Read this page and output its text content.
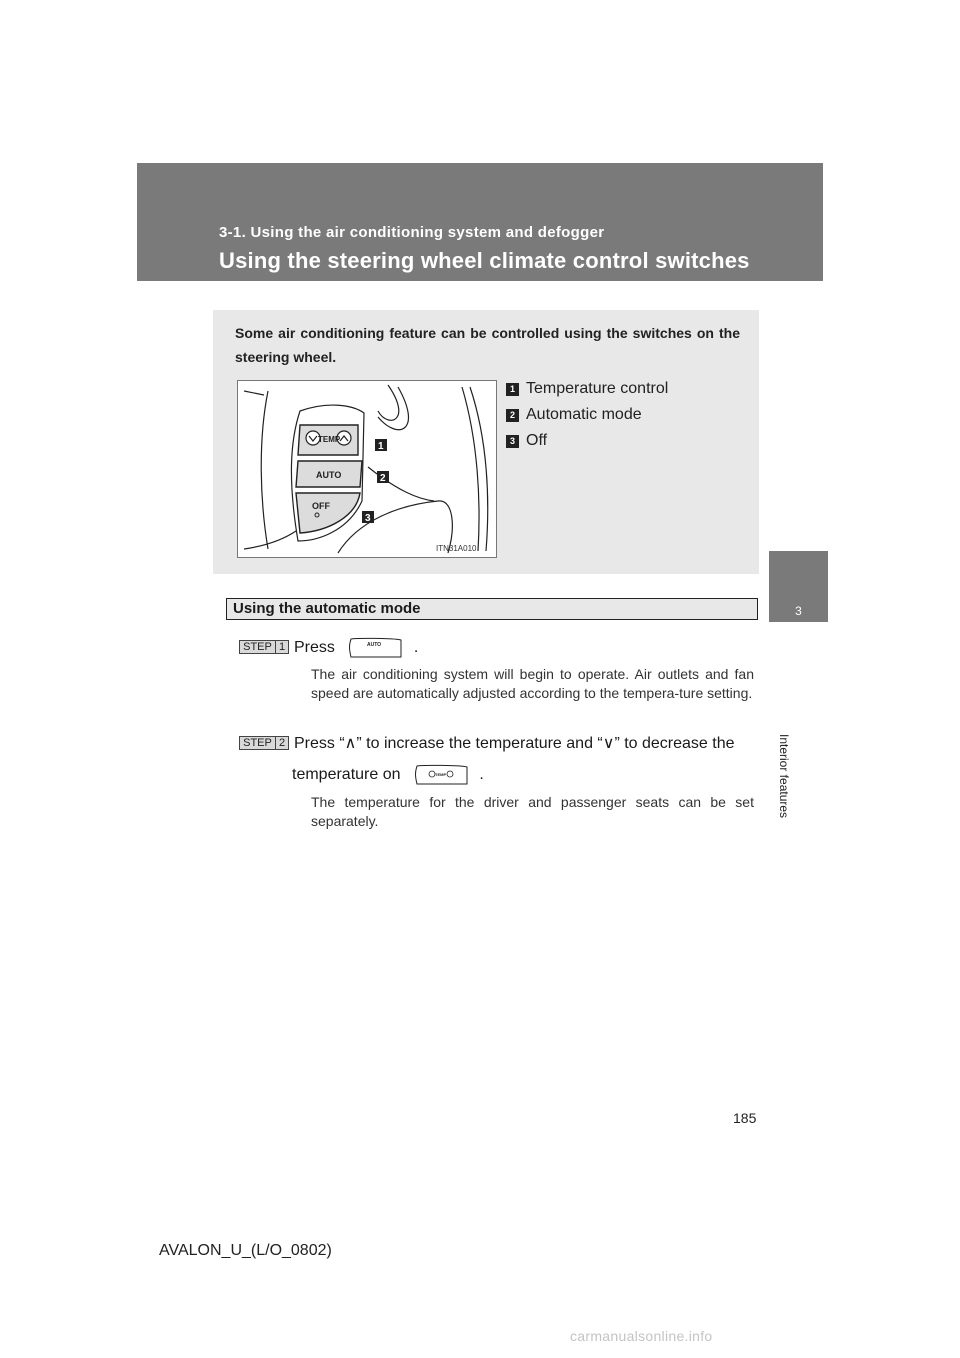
3-1. Using the air conditioning system and defogger
Using the steering wheel climate control switches
3
Interior features
Some air conditioning feature can be controlled using the switches on the steering wheel.
TEMP
AUTO
OFF
1
2
3
ITN31A010
1 Temperature control
2 Automatic mode
3 Off
Using the automatic mode
STEP 1 Press	AUTO .
The air conditioning system will begin to operate. Air outlets and fan speed are automatically adjusted according to the tempera-ture setting.
STEP 2 Press “∧” to increase the temperature and “∨” to decrease the
temperature on	TEMP .
The temperature for the driver and passenger seats can be set separately.
185
AVALON_U_(L/O_0802)
carmanualsonline.info
